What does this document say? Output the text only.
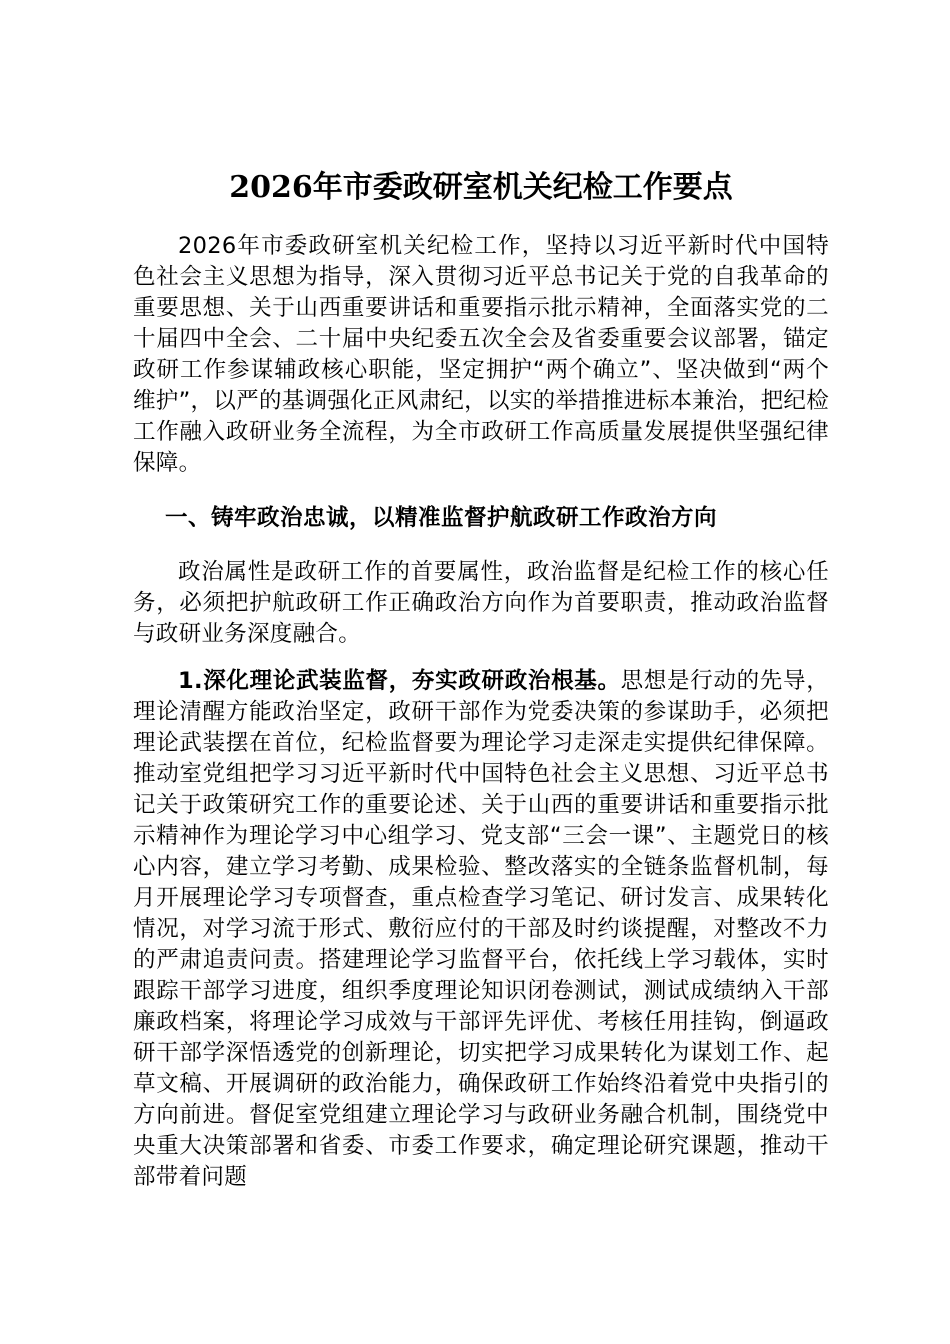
2026年市委政研室机关纪检工作要点

2026年市委政研室机关纪检工作，坚持以习近平新时代中国特色社会主义思想为指导，深入贯彻习近平总书记关于党的自我革命的重要思想、关于山西重要讲话和重要指示批示精神，全面落实党的二十届四中全会、二十届中央纪委五次全会及省委重要会议部署，锚定政研工作参谋辅政核心职能，坚定拥护“两个确立”、坚决做到“两个维护”，以严的基调强化正风肃纪，以实的举措推进标本兼治，把纪检工作融入政研业务全流程，为全市政研工作高质量发展提供坚强纪律保障。

一、铸牢政治忠诚，以精准监督护航政研工作政治方向

政治属性是政研工作的首要属性，政治监督是纪检工作的核心任务，必须把护航政研工作正确政治方向作为首要职责，推动政治监督与政研业务深度融合。

1.深化理论武装监督，夯实政研政治根基。思想是行动的先导，理论清醒方能政治坚定，政研干部作为党委决策的参谋助手，必须把理论武装摆在首位，纪检监督要为理论学习走深走实提供纪律保障。推动室党组把学习习近平新时代中国特色社会主义思想、习近平总书记关于政策研究工作的重要论述、关于山西的重要讲话和重要指示批示精神作为理论学习中心组学习、党支部“三会一课”、主题党日的核心内容，建立学习考勤、成果检验、整改落实的全链条监督机制，每月开展理论学习专项督查，重点检查学习笔记、研讨发言、成果转化情况，对学习流于形式、敷衍应付的干部及时约谈提醒，对整改不力的严肃追责问责。搭建理论学习监督平台，依托线上学习载体，实时跟踪干部学习进度，组织季度理论知识闭卷测试，测试成绩纳入干部廉政档案，将理论学习成效与干部评先评优、考核任用挂钩，倒逼政研干部学深悟透党的创新理论，切实把学习成果转化为谋划工作、起草文稿、开展调研的政治能力，确保政研工作始终沿着党中央指引的方向前进。督促室党组建立理论学习与政研业务融合机制，围绕党中央重大决策部署和省委、市委工作要求，确定理论研究课题，推动干部带着问题
